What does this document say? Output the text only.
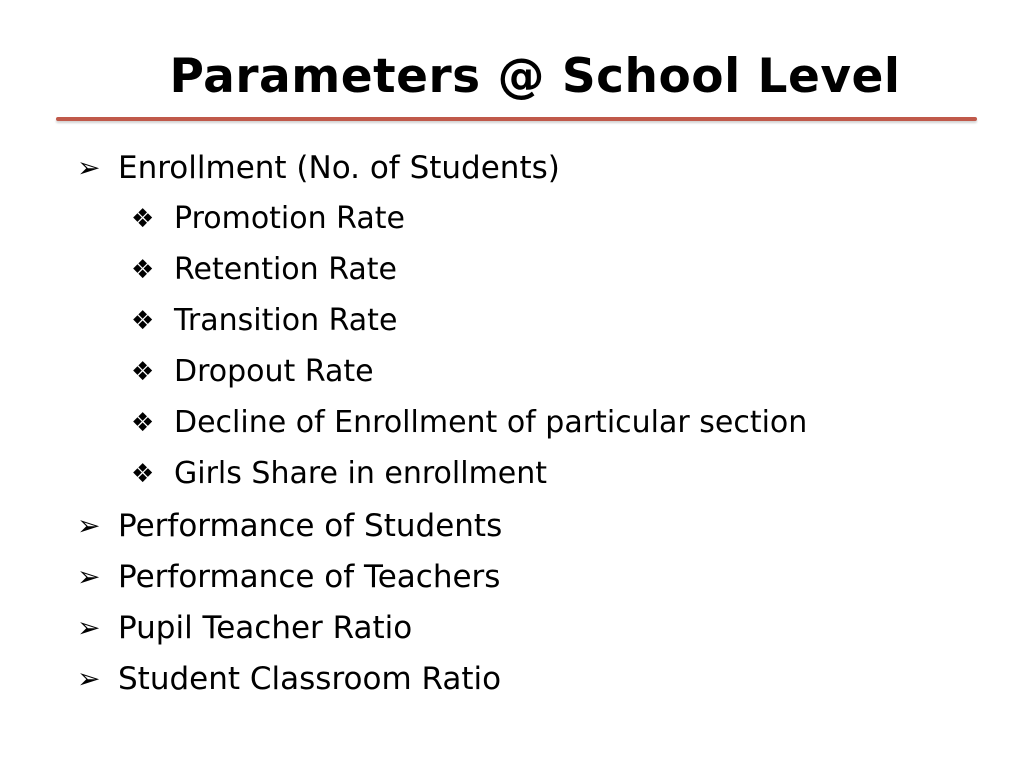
Parameters @ School Level
➢ Enrollment (No. of Students)
❖ Promotion Rate
❖ Retention Rate
❖ Transition Rate
❖ Dropout Rate
❖ Decline of Enrollment of particular section
❖ Girls Share in enrollment
➢ Performance of Students
➢ Performance of Teachers
➢ Pupil Teacher Ratio
➢ Student Classroom Ratio
